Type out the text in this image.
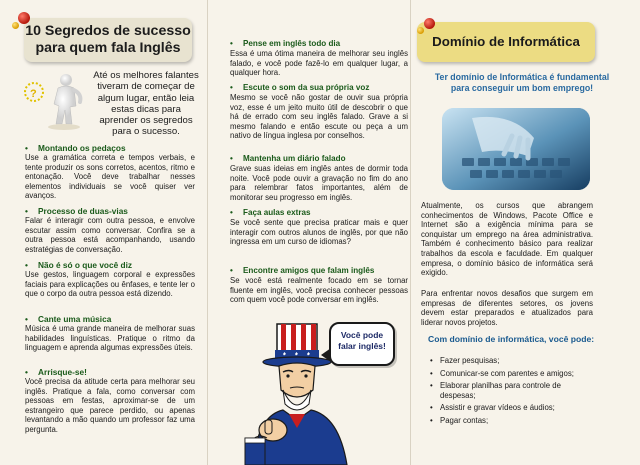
10 Segredos de sucesso para quem fala Inglês
?
Até os melhores falantes tiveram de começar de algum lugar, então leia estas dicas para aprender os segredos para o sucesso.
• Montando os pedaços

Use a gramática correta e tempos verbais, e tente produzir os sons corretos, acentos, ritmo e entonação. Você deve trabalhar nesses elementos individuais se você quiser ver avanços.

• Processo de duas-vias

Falar é interagir com outra pessoa, e envolve escutar assim como conversar. Confira se a outra pessoa está acompanhando, usando estratégias de conversação.

• Não é só o que você diz

Use gestos, linguagem corporal e expressões faciais para explicações ou ênfases, e tente ler o que o corpo da outra pessoa está dizendo.

• Cante uma música

Música é uma grande maneira de melhorar suas habilidades linguísticas. Pratique o ritmo da linguagem e aprenda algumas expressões úteis.

• Arrisque-se!

Você precisa da atitude certa para melhorar seu inglês. Pratique a fala, como conversar com pessoas em festas, aproximar-se de um estrangeiro que parece perdido, ou apenas levantando a mão quando um professor faz uma pergunta.

• Pense em inglês todo dia

Essa é uma ótima maneira de melhorar seu inglês falado, e você pode fazê-lo em qualquer lugar, a qualquer hora.

• Escute o som da sua própria voz

Mesmo se você não gostar de ouvir sua própria voz, esse é um jeito muito útil de descobrir o que há de errado com seu inglês falado. Grave a si mesmo falando e então escute ou peça a um nativo de língua inglesa por conselhos.

• Mantenha um diário falado

Grave suas ideias em inglês antes de dormir toda noite. Você pode ouvir a gravação no fim do ano para relembrar fatos importantes, além de monitorar seu progresso em inglês.

• Faça aulas extras

Se você sente que precisa praticar mais e quer interagir com outros alunos de inglês, por que não ingressa em um curso de idiomas?

• Encontre amigos que falam inglês

Se você está realmente focado em se tornar fluente em inglês, você precisa conhecer pessoas com quem você pode conversar em inglês.

Você pode falar inglês!
Domínio de Informática
Ter domínio de Informática é fundamental para conseguir um bom emprego!
Atualmente, os cursos que abrangem conhecimentos de Windows, Pacote Office e Internet são a exigência mínima para se conquistar um emprego na área administrativa. Também é conhecimento básico para realizar trabalhos da escola e faculdade. Em qualquer empresa, o domínio básico de informática será exigido.
Para enfrentar novos desafios que surgem em empresas de diferentes setores, os jovens devem estar preparados e atualizados para liderar novos projetos.
Com domínio de informática, você pode:
• Fazer pesquisas;
• Comunicar-se com parentes e amigos;
• Elaborar planilhas para controle de despesas;
• Assistir e gravar vídeos e áudios;
• Pagar contas;
